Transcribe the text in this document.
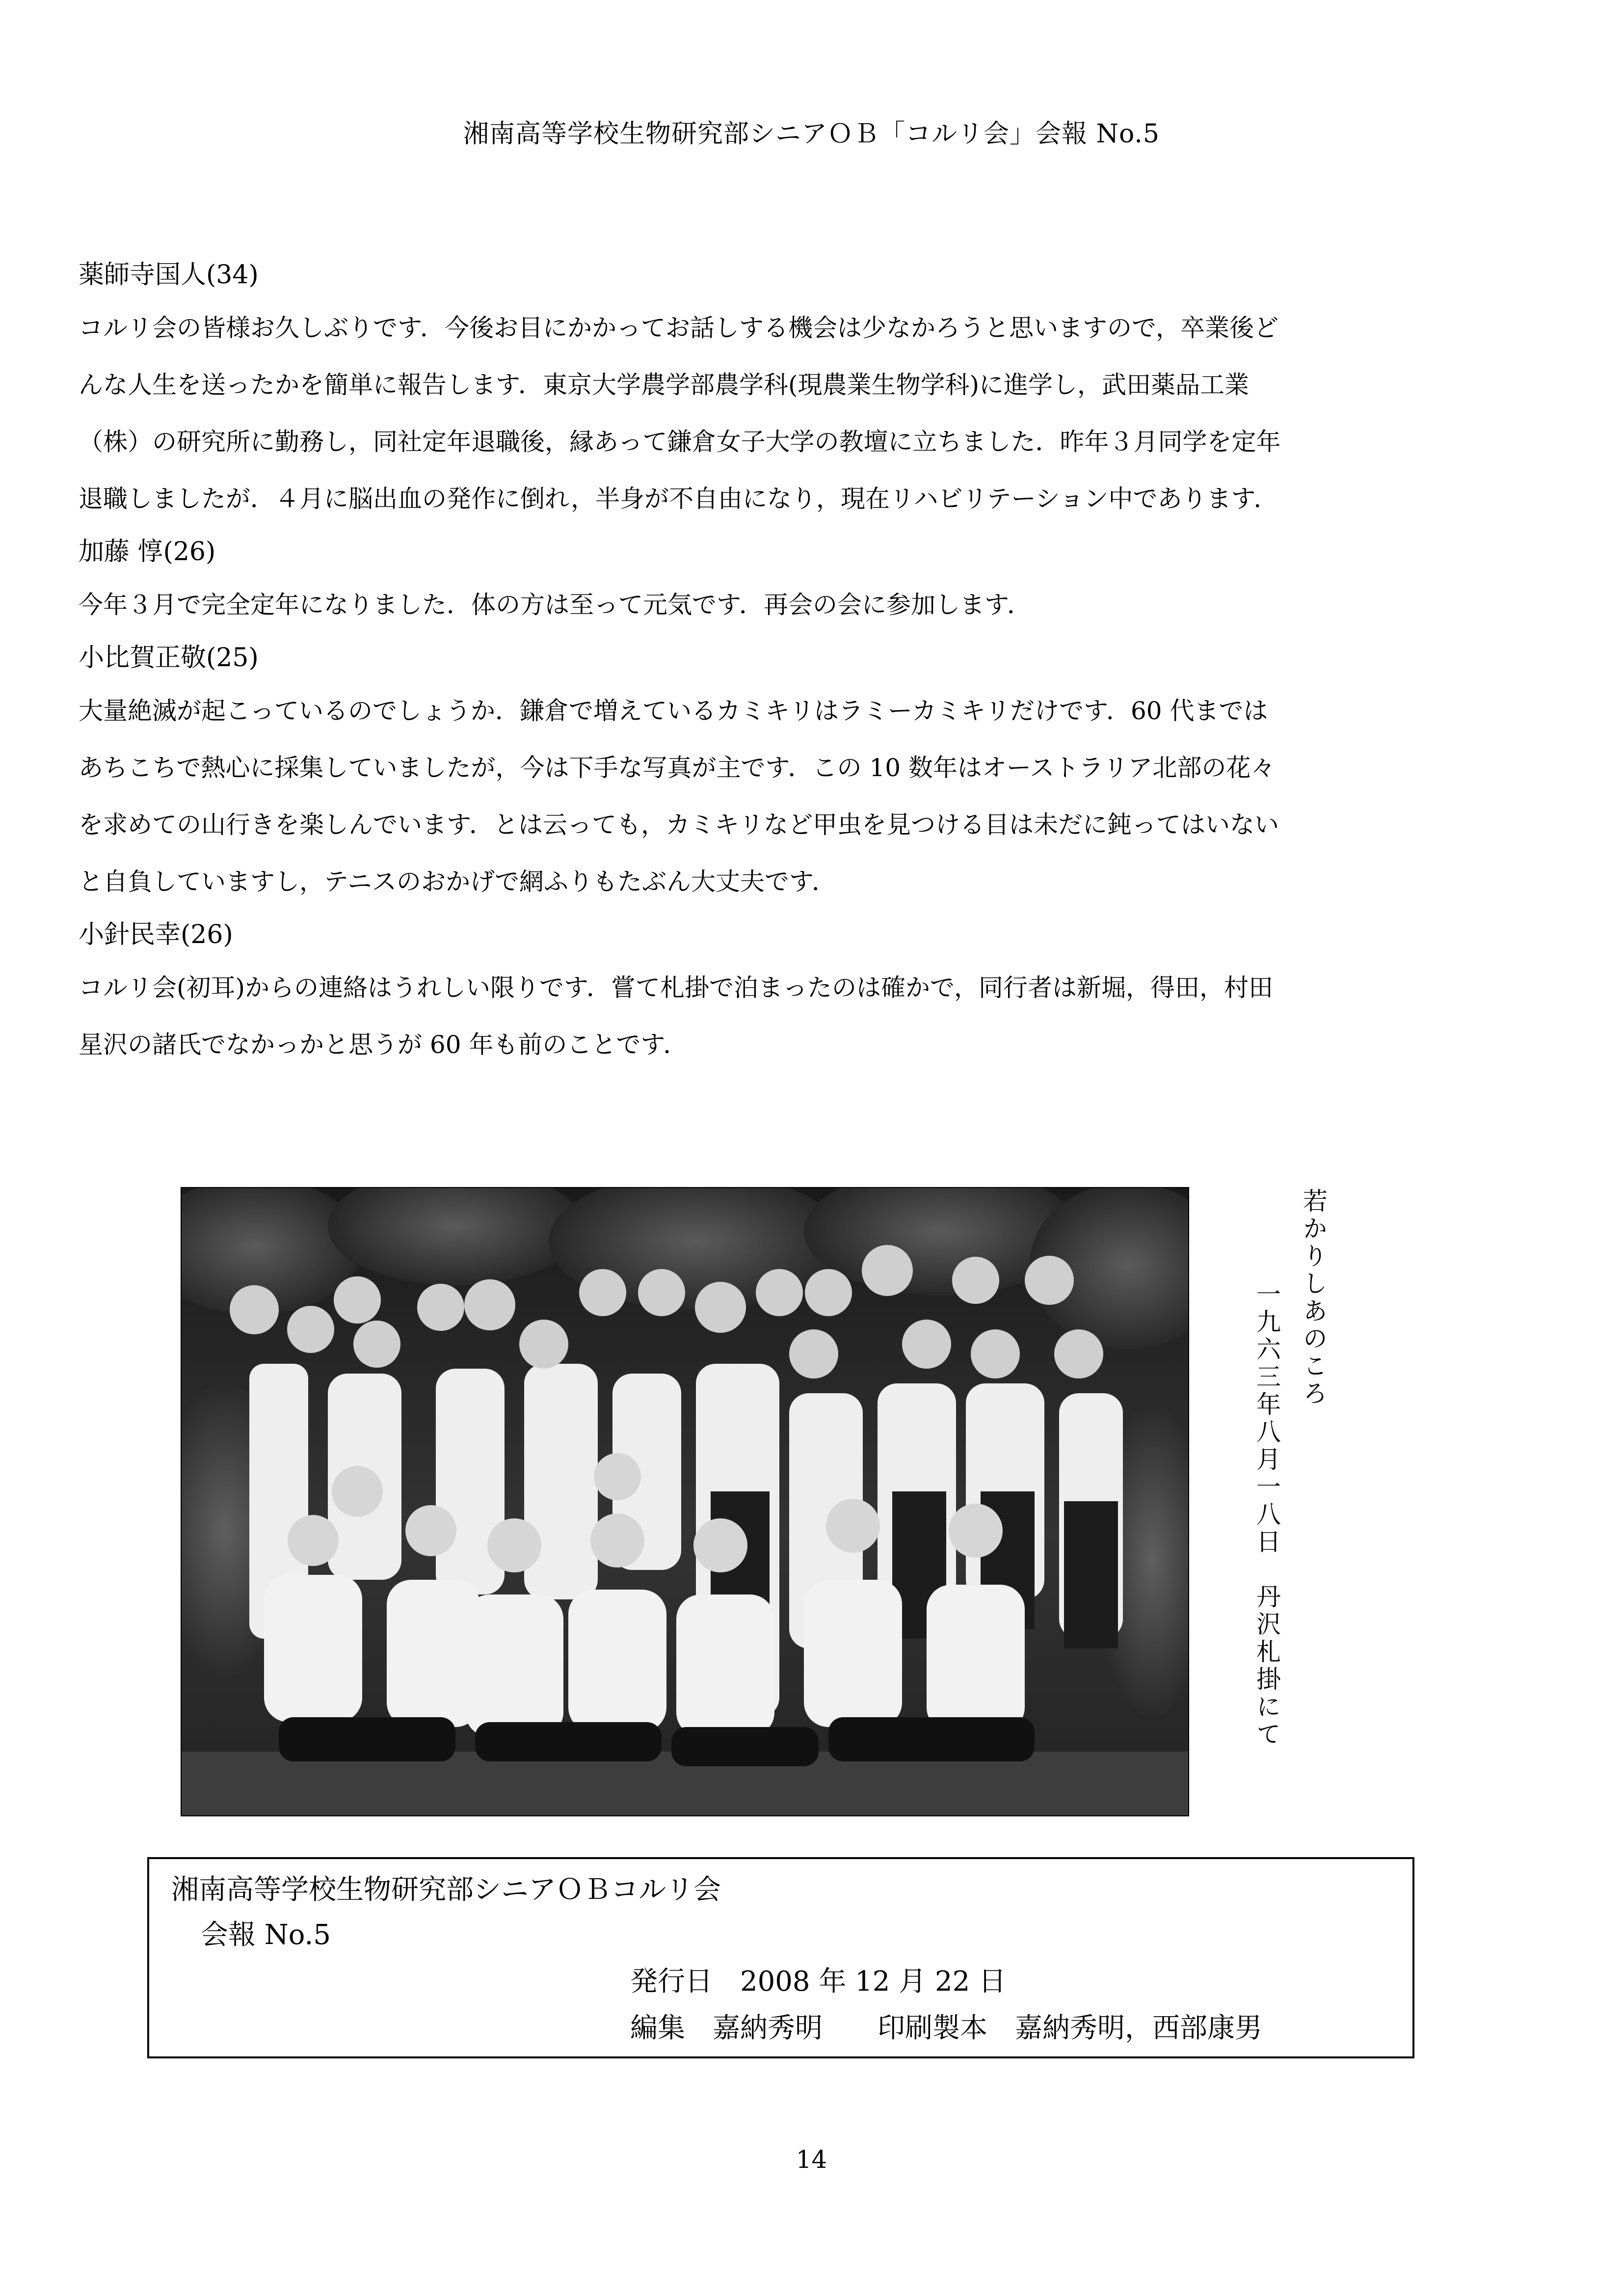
湘南高等学校生物研究部シニアＯＢ「コルリ会」会報 No.5
薬師寺国人(34)

コルリ会の皆様お久しぶりです．今後お目にかかってお話しする機会は少なかろうと思いますので，卒業後ど

んな人生を送ったかを簡単に報告します．東京大学農学部農学科(現農業生物学科)に進学し，武田薬品工業

（株）の研究所に勤務し，同社定年退職後，縁あって鎌倉女子大学の教壇に立ちました．昨年３月同学を定年

退職しましたが．４月に脳出血の発作に倒れ，半身が不自由になり，現在リハビリテーション中であります．

加藤 惇(26)

今年３月で完全定年になりました．体の方は至って元気です．再会の会に参加します．

小比賀正敬(25)

大量絶滅が起こっているのでしょうか．鎌倉で増えているカミキリはラミーカミキリだけです．60 代までは

あちこちで熱心に採集していましたが，今は下手な写真が主です．この 10 数年はオーストラリア北部の花々

を求めての山行きを楽しんでいます．とは云っても，カミキリなど甲虫を見つける目は未だに鈍ってはいない

と自負していますし，テニスのおかげで網ふりもたぶん大丈夫です．

小針民幸(26)

コルリ会(初耳)からの連絡はうれしい限りです．嘗て札掛で泊まったのは確かで，同行者は新堀，得田，村田

星沢の諸氏でなかっかと思うが 60 年も前のことです．

若かりしあのころ
一九六三年八月一八日　丹沢札掛にて
湘南高等学校生物研究部シニアＯＢコルリ会
会報 No.5
発行日　2008 年 12 月 22 日
編集　嘉納秀明　　印刷製本　嘉納秀明，西部康男
14
